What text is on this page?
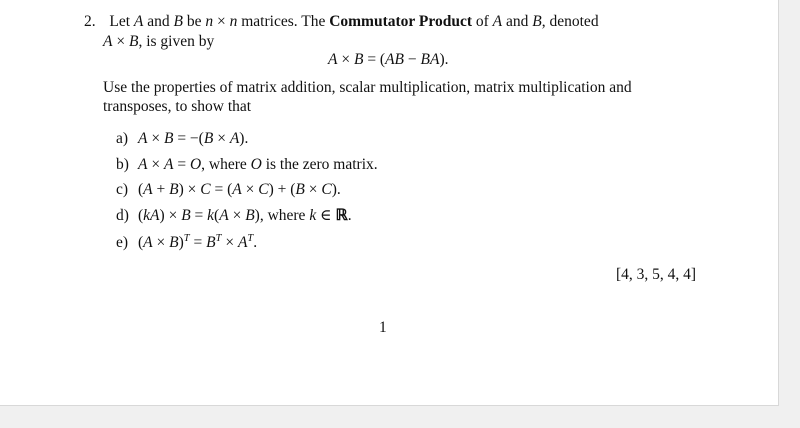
2. Let A and B be n × n matrices. The Commutator Product of A and B, denoted
A × B, is given by
A × B = (AB − BA).
Use the properties of matrix addition, scalar multiplication, matrix multiplication and
transposes, to show that
a) A × B = −(B × A).
b) A × A = O, where O is the zero matrix.
c) (A + B) × C = (A × C) + (B × C).
d) (kA) × B = k(A × B), where k ∈ ℝ.
e) $(A \times B)^T = B^T \times A^T$.
[4, 3, 5, 4, 4]
1
